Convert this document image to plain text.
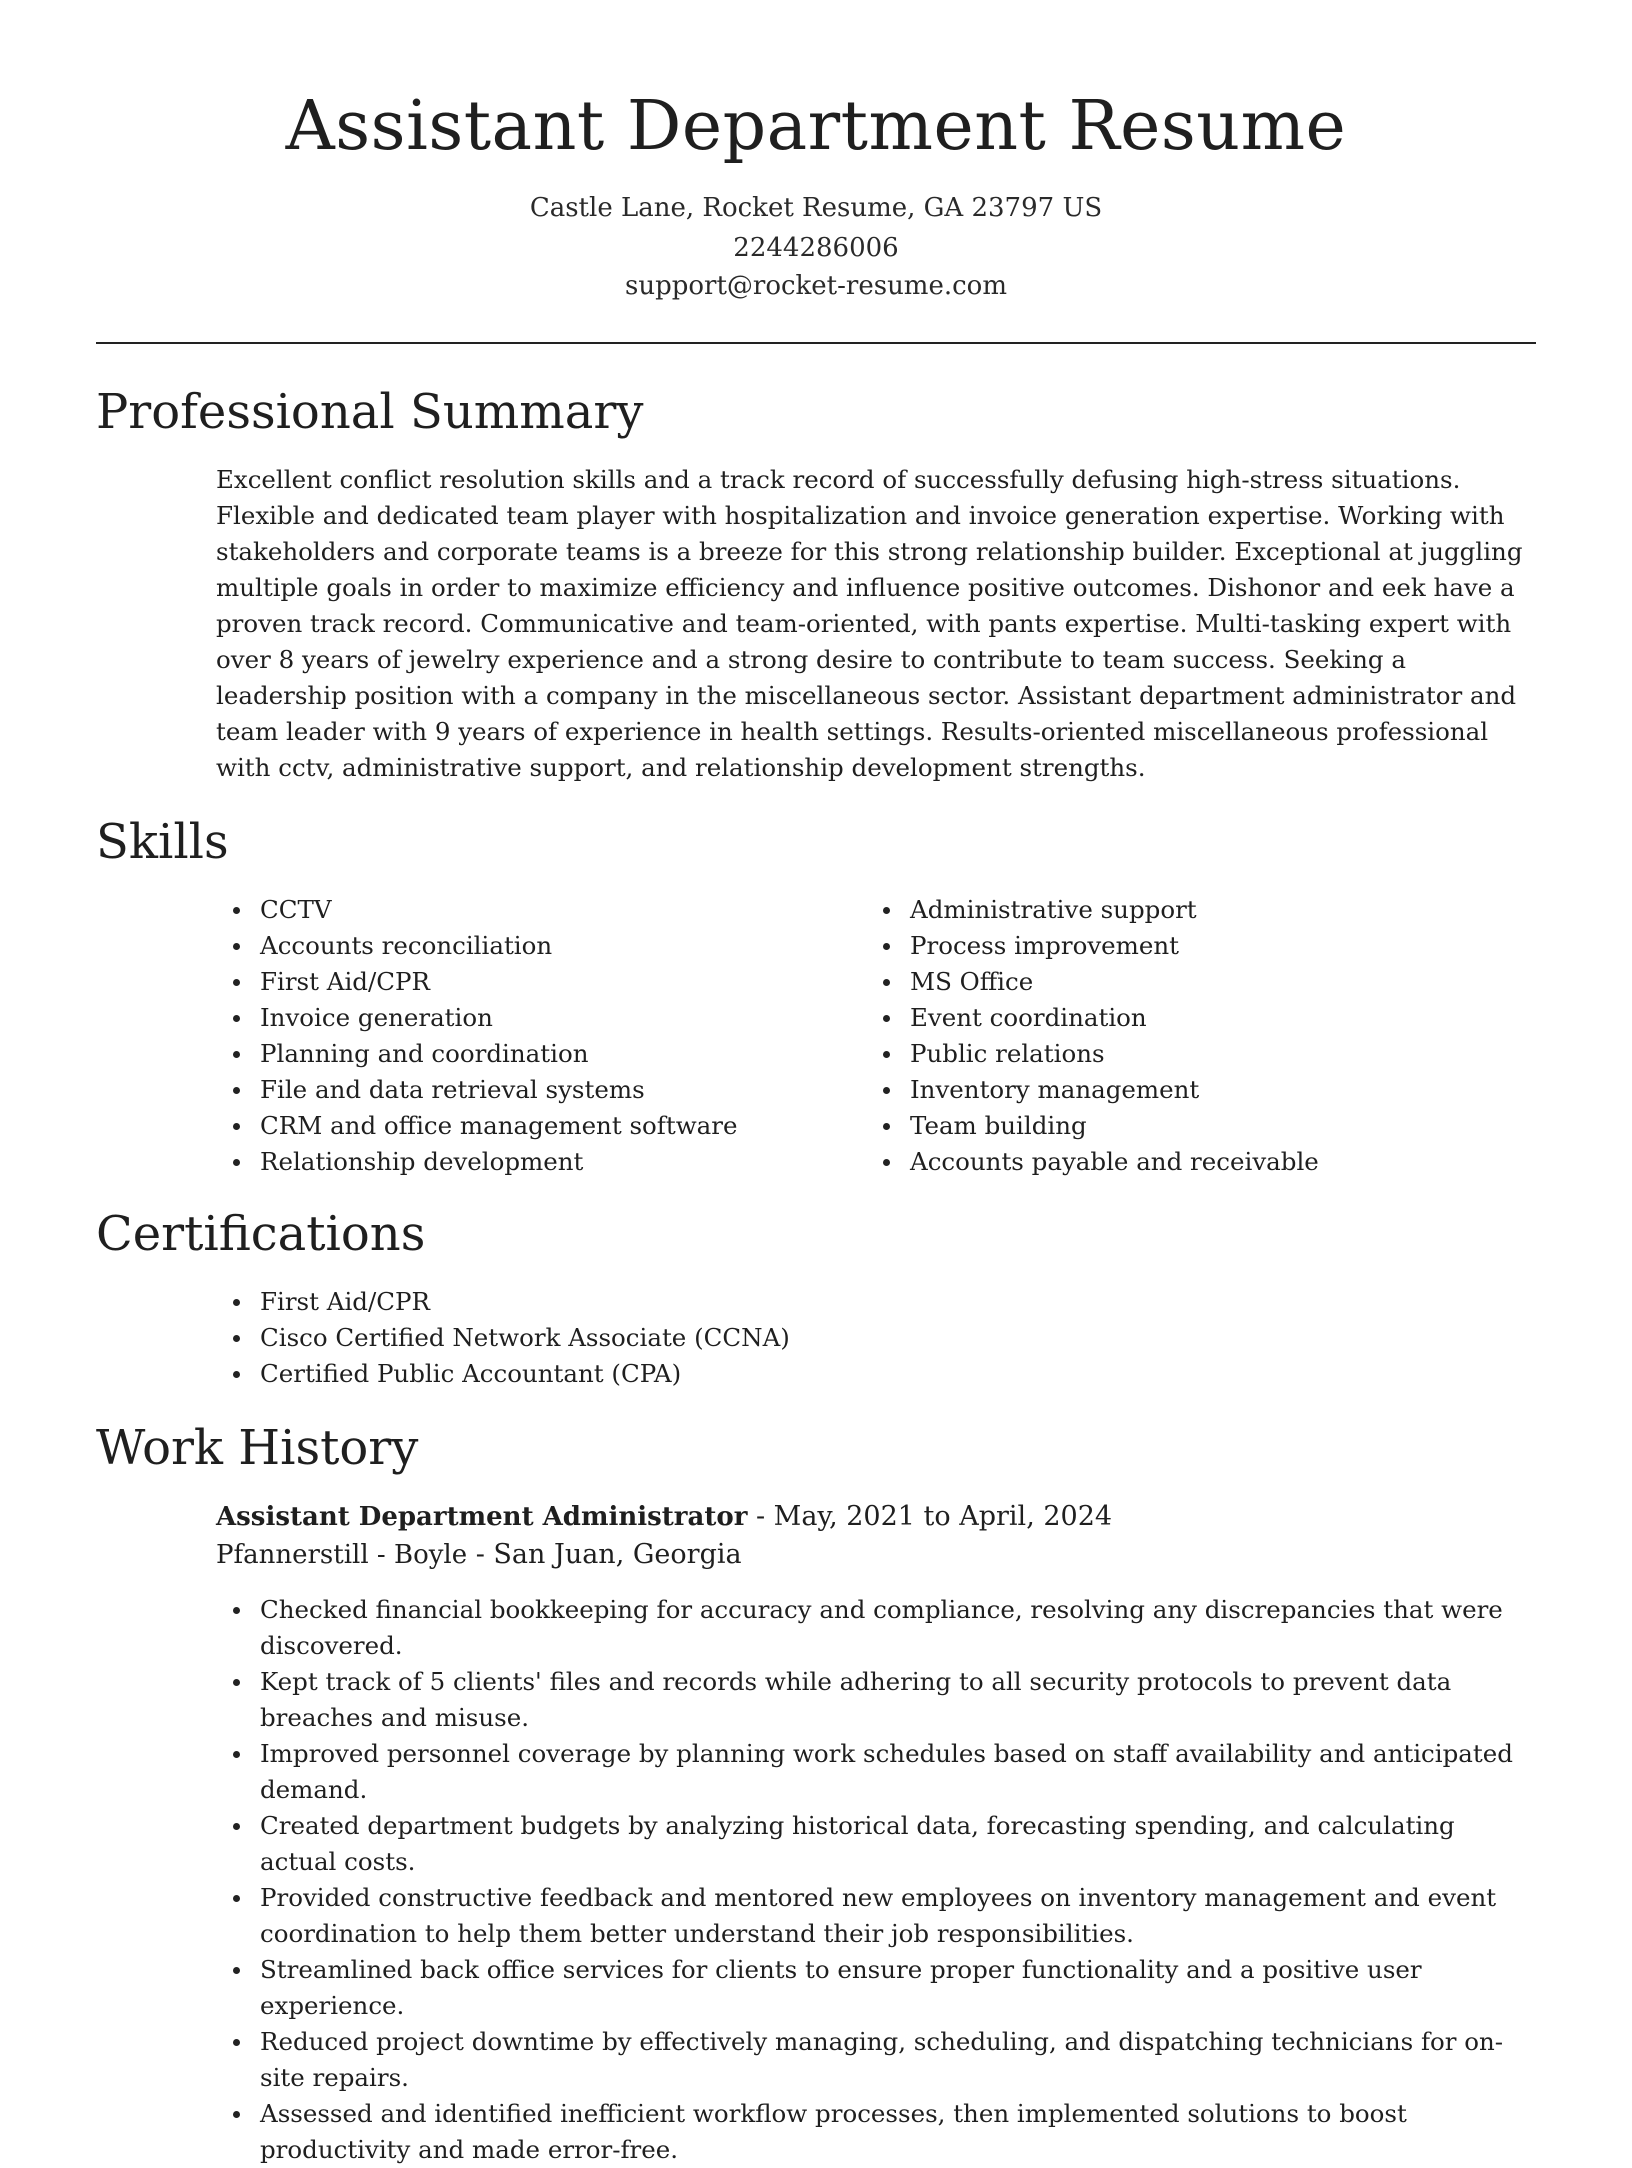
Assistant Department Resume
Castle Lane, Rocket Resume, GA 23797 US
2244286006
support@rocket-resume.com
Professional Summary

Excellent conflict resolution skills and a track record of successfully defusing high-stress situations. Flexible and dedicated team player with hospitalization and invoice generation expertise. Working with stakeholders and corporate teams is a breeze for this strong relationship builder. Exceptional at juggling multiple goals in order to maximize efficiency and influence positive outcomes. Dishonor and eek have a proven track record. Communicative and team-oriented, with pants expertise. Multi-tasking expert with over 8 years of jewelry experience and a strong desire to contribute to team success. Seeking a leadership position with a company in the miscellaneous sector. Assistant department administrator and team leader with 9 years of experience in health settings. Results-oriented miscellaneous professional with cctv, administrative support, and relationship development strengths.

Skills
CCTV
Accounts reconciliation
First Aid/CPR
Invoice generation
Planning and coordination
File and data retrieval systems
CRM and office management software
Relationship development
Administrative support
Process improvement
MS Office
Event coordination
Public relations
Inventory management
Team building
Accounts payable and receivable
Certifications
First Aid/CPR
Cisco Certified Network Associate (CCNA)
Certified Public Accountant (CPA)
Work History
Assistant Department Administrator - May, 2021 to April, 2024
Pfannerstill - Boyle - San Juan, Georgia
Checked financial bookkeeping for accuracy and compliance, resolving any discrepancies that were discovered.
Kept track of 5 clients' files and records while adhering to all security protocols to prevent data breaches and misuse.
Improved personnel coverage by planning work schedules based on staff availability and anticipated demand.
Created department budgets by analyzing historical data, forecasting spending, and calculating actual costs.
Provided constructive feedback and mentored new employees on inventory management and event coordination to help them better understand their job responsibilities.
Streamlined back office services for clients to ensure proper functionality and a positive user experience.
Reduced project downtime by effectively managing, scheduling, and dispatching technicians for on-site repairs.
Assessed and identified inefficient workflow processes, then implemented solutions to boost productivity and made error-free.
